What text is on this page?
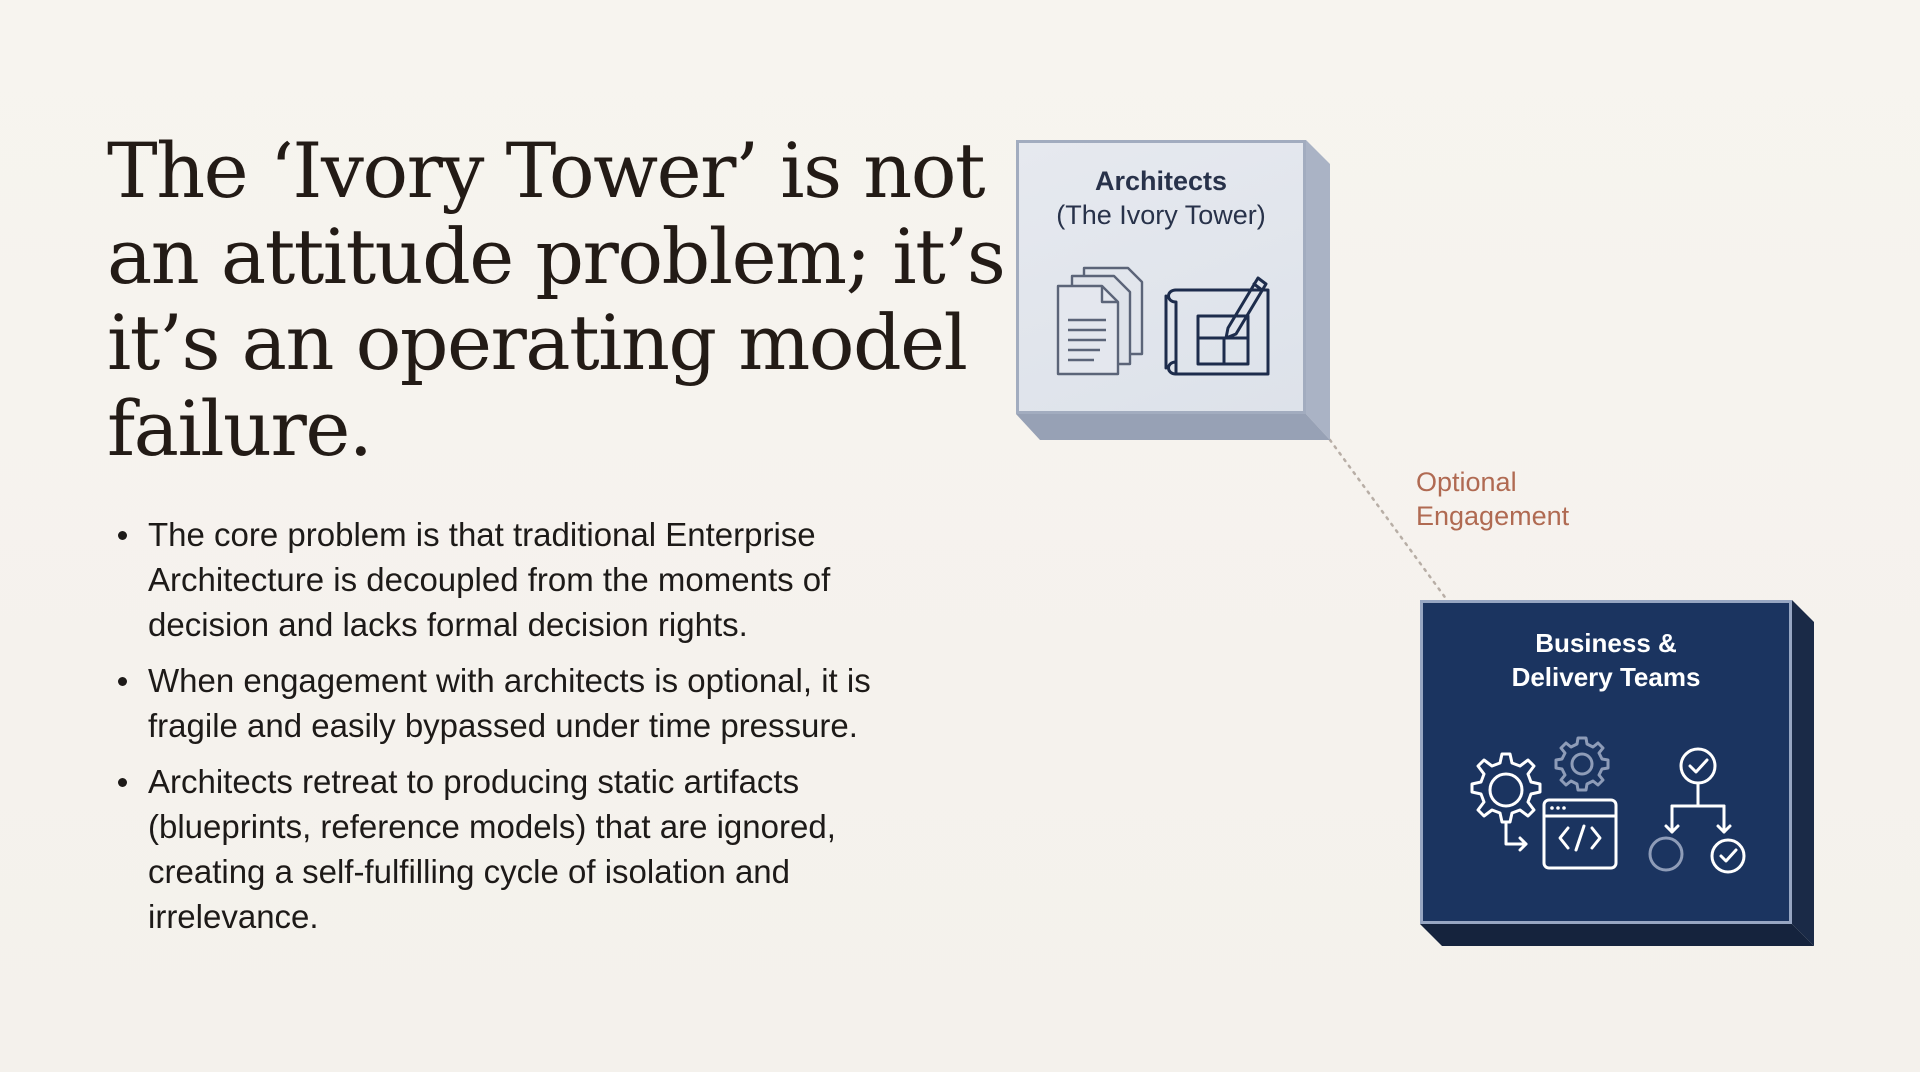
The ‘Ivory Tower’ is not
an attitude problem; it’s
it’s an operating model
failure.
The core problem is that traditional Enterprise
Architecture is decoupled from the moments of
decision and lacks formal decision rights.
When engagement with architects is optional, it is
fragile and easily bypassed under time pressure.
Architects retreat to producing static artifacts
(blueprints, reference models) that are ignored,
creating a self-fulfilling cycle of isolation and
irrelevance.
Optional
Engagement
Architects
(The Ivory Tower)
Business &
Delivery Teams
